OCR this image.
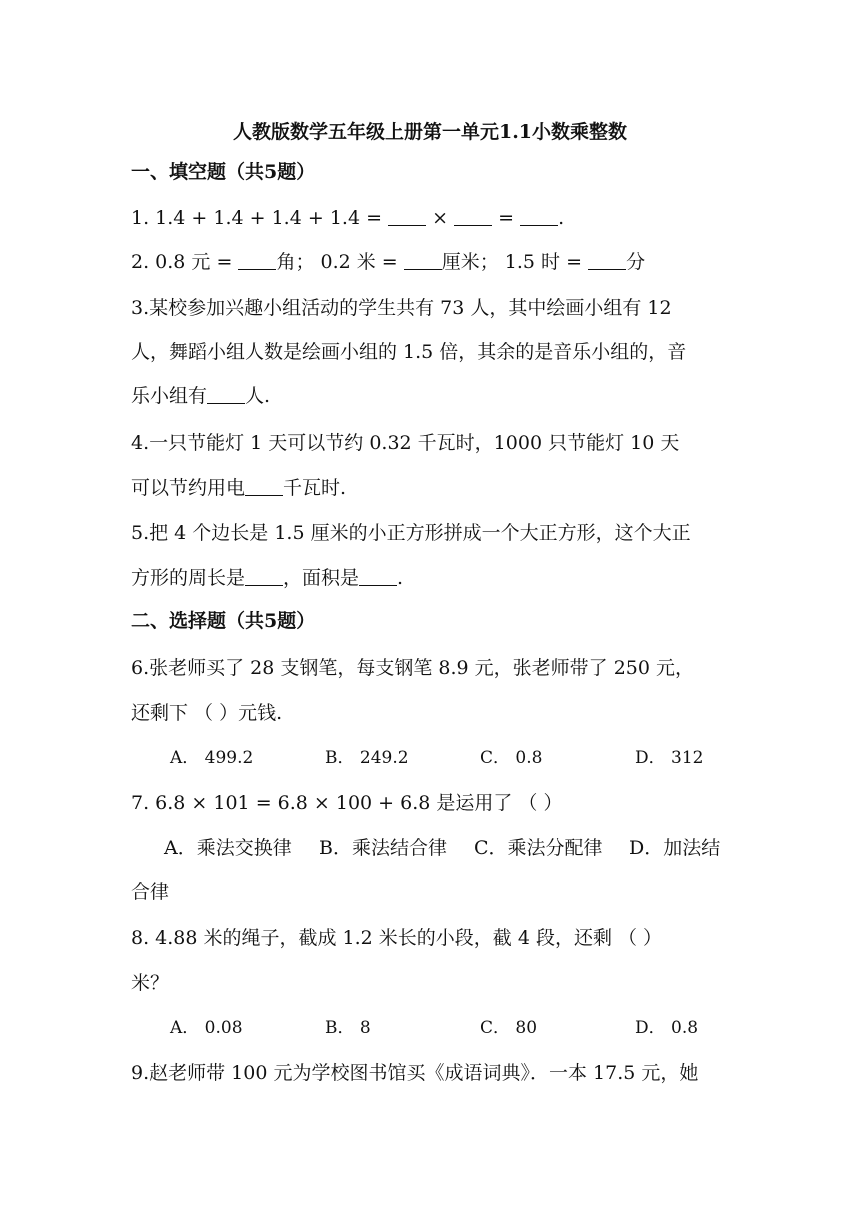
人教版数学五年级上册第一单元1.1小数乘整数
一、填空题（共5题）
1. 1.4 + 1.4 + 1.4 + 1.4 =	×	= .
2. 0.8 元 = 角； 0.2 米 = 厘米； 1.5 时 = 分
3.某校参加兴趣小组活动的学生共有 73 人，其中绘画小组有 12
人，舞蹈小组人数是绘画小组的 1.5 倍，其余的是音乐小组的，音
乐小组有 人.
4.一只节能灯 1 天可以节约 0.32 千瓦时，1000 只节能灯 10 天
可以节约用电 千瓦时.
5.把 4 个边长是 1.5 厘米的小正方形拼成一个大正方形，这个大正
方形的周长是 ，面积是 .
二、选择题（共5题）
6.张老师买了 28 支钢笔，每支钢笔 8.9 元，张老师带了 250 元，
还剩下 （ ）元钱.
A． 499.2	B． 249.2	C． 0.8	D． 312
7. 6.8 × 101 = 6.8 × 100 + 6.8 是运用了 （ ）
A．乘法交换律	B．乘法结合律	C．乘法分配律	D．加法结
合律
8. 4.88 米的绳子，截成 1.2 米长的小段，截 4 段，还剩 （ ）
米？
A． 0.08	B． 8	C． 80	D． 0.8
9.赵老师带 100 元为学校图书馆买《成语词典》．一本 17.5 元，她
